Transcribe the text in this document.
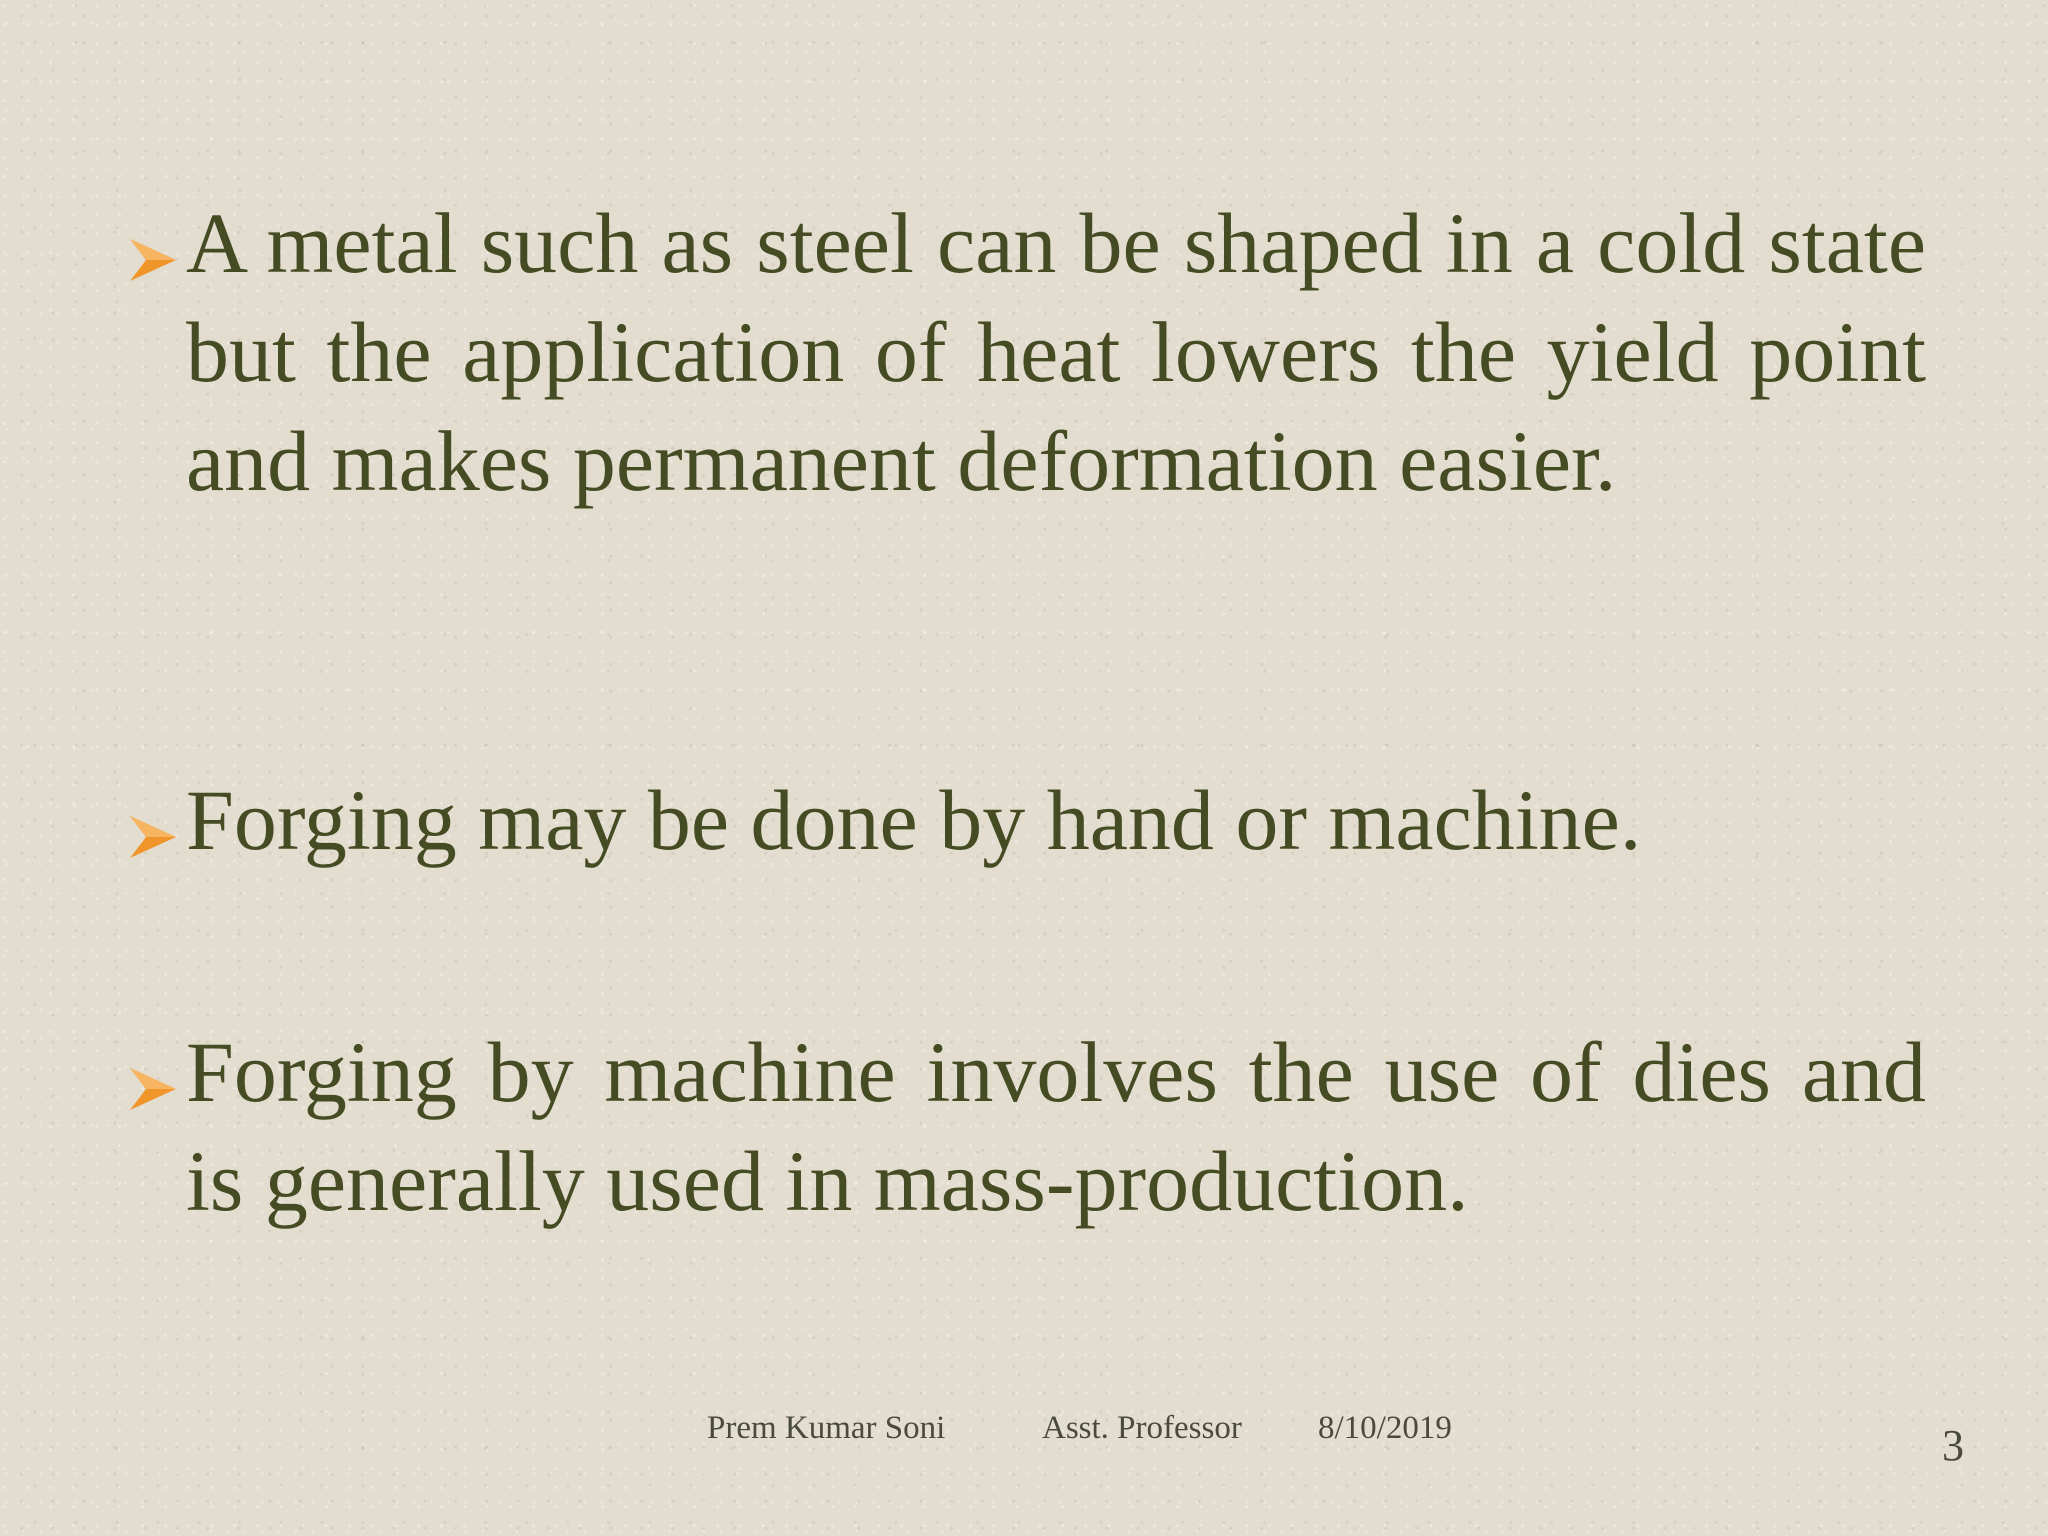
A metal such as steel can be shaped in a cold state but the application of heat lowers the yield point and makes permanent deformation easier.
Forging may be done by hand or machine.
Forging by machine involves the use of dies and is generally used in mass-production.
Prem Kumar Soni	Asst. Professor 8/10/2019	3
